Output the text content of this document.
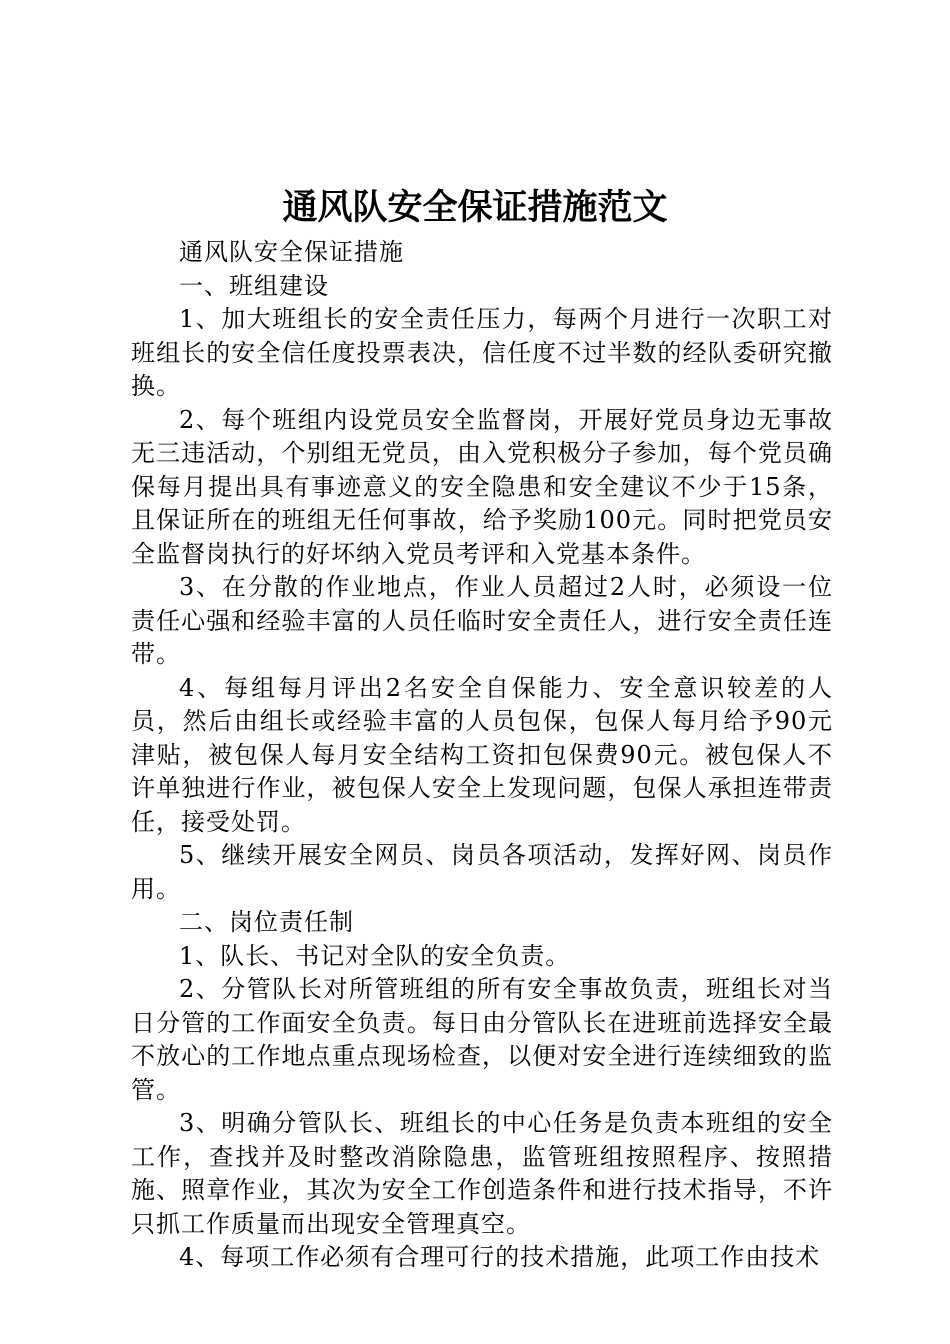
通风队安全保证措施范文

通风队安全保证措施

一、班组建设

1、加大班组长的安全责任压力，每两个月进行一次职工对班组长的安全信任度投票表决，信任度不过半数的经队委研究撤换。

2、每个班组内设党员安全监督岗，开展好党员身边无事故无三违活动，个别组无党员，由入党积极分子参加，每个党员确保每月提出具有事迹意义的安全隐患和安全建议不少于15条，且保证所在的班组无任何事故，给予奖励100元。同时把党员安全监督岗执行的好坏纳入党员考评和入党基本条件。

3、在分散的作业地点，作业人员超过2人时，必须设一位责任心强和经验丰富的人员任临时安全责任人，进行安全责任连带。

4、每组每月评出2名安全自保能力、安全意识较差的人员，然后由组长或经验丰富的人员包保，包保人每月给予90元津贴，被包保人每月安全结构工资扣包保费90元。被包保人不许单独进行作业，被包保人安全上发现问题，包保人承担连带责任，接受处罚。

5、继续开展安全网员、岗员各项活动，发挥好网、岗员作用。

二、岗位责任制

1、队长、书记对全队的安全负责。

2、分管队长对所管班组的所有安全事故负责，班组长对当日分管的工作面安全负责。每日由分管队长在进班前选择安全最不放心的工作地点重点现场检查，以便对安全进行连续细致的监管。

3、明确分管队长、班组长的中心任务是负责本班组的安全工作，查找并及时整改消除隐患，监管班组按照程序、按照措施、照章作业，其次为安全工作创造条件和进行技术指导，不许只抓工作质量而出现安全管理真空。

4、每项工作必须有合理可行的技术措施，此项工作由技术
